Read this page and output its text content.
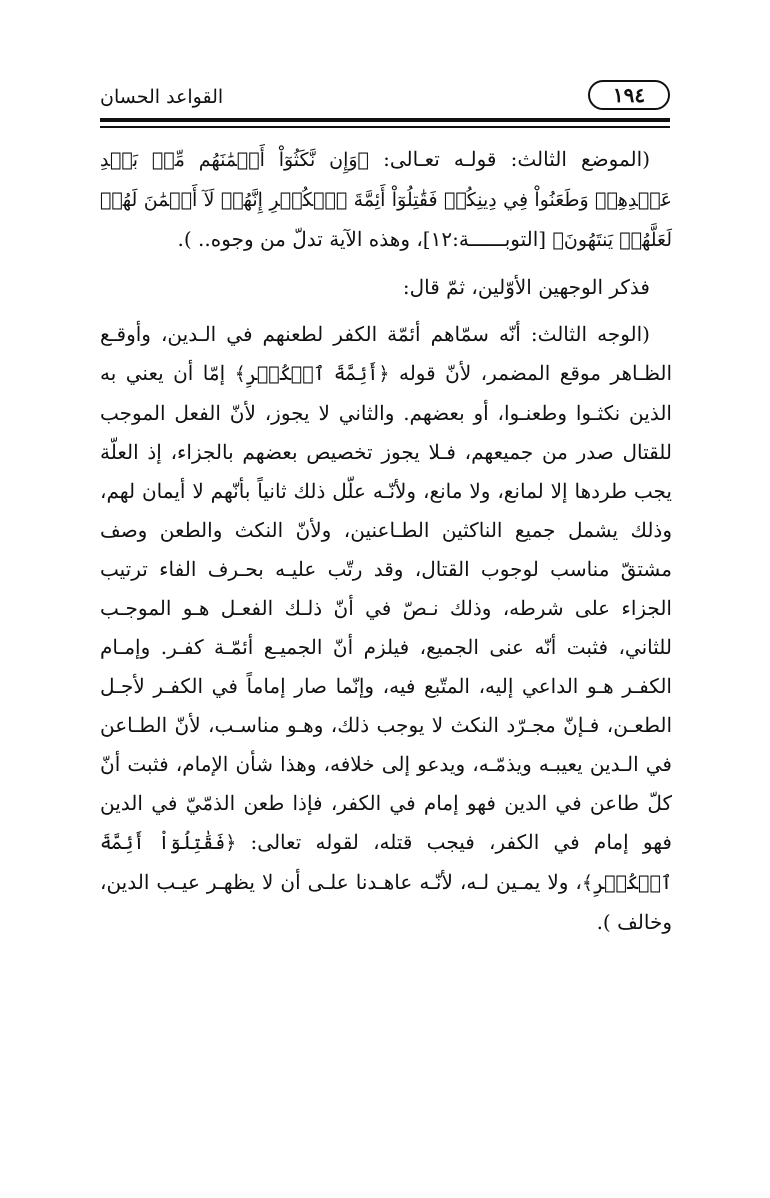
القواعد الحسان	١٩٤

(الموضع الثالث: قولـه تعـالى: ﴿وَإِن نَّكَثُوٓاْ أَيۡمَٰنَهُم مِّنۢ بَعۡدِ عَهۡدِهِمۡ وَطَعَنُواْ فِي دِينِكُمۡ فَقَٰتِلُوٓاْ أَئِمَّةَ ٱلۡكُفۡرِ إِنَّهُمۡ لَآ أَيۡمَٰنَ لَهُمۡ لَعَلَّهُمۡ يَنتَهُونَ﴾ [التوبــــــة:١٢]، وهذه الآية تدلّ من وجوه.. ).

فذكر الوجهين الأوّلين، ثمّ قال:

(الوجه الثالث: أنّه سمّاهم أئمّة الكفر لطعنهم في الـدين، وأوقـع الظـاهر موقع المضمر، لأنّ قوله ﴿أَئِمَّةَ ٱلۡكُفۡرِ﴾ إمّا أن يعني به الذين نكثـوا وطعنـوا، أو بعضهم. والثاني لا يجوز، لأنّ الفعل الموجب للقتال صدر من جميعهم، فـلا يجوز تخصيص بعضهم بالجزاء، إذ العلّة يجب طردها إلا لمانع، ولا مانع، ولأنّـه علّل ذلك ثانياً بأنّهم لا أيمان لهم، وذلك يشمل جميع الناكثين الطـاعنين، ولأنّ النكث والطعن وصف مشتقّ مناسب لوجوب القتال، وقد رتّب عليـه بحـرف الفاء ترتيب الجزاء على شرطه، وذلك نـصّ في أنّ ذلـك الفعـل هـو الموجـب للثاني، فثبت أنّه عنى الجميع، فيلزم أنّ الجميـع أئمّـة كفـر. وإمـام الكفـر هـو الداعي إليه، المتّبع فيه، وإنّما صار إماماً في الكفـر لأجـل الطعـن، فـإنّ مجـرّد النكث لا يوجب ذلك، وهـو مناسـب، لأنّ الطـاعن في الـدين يعيبـه ويذمّـه، ويدعو إلى خلافه، وهذا شأن الإمام، فثبت أنّ كلّ طاعن في الدين فهو إمام في الكفر، فإذا طعن الذمّيّ في الدين فهو إمام في الكفر، فيجب قتله، لقوله تعالى: ﴿فَقَٰتِلُوٓاْ أَئِمَّةَ ٱلۡكُفۡرِ﴾، ولا يمـين لـه، لأنّـه عاهـدنا علـى أن لا يظهـر عيـب الدين، وخالف ).
